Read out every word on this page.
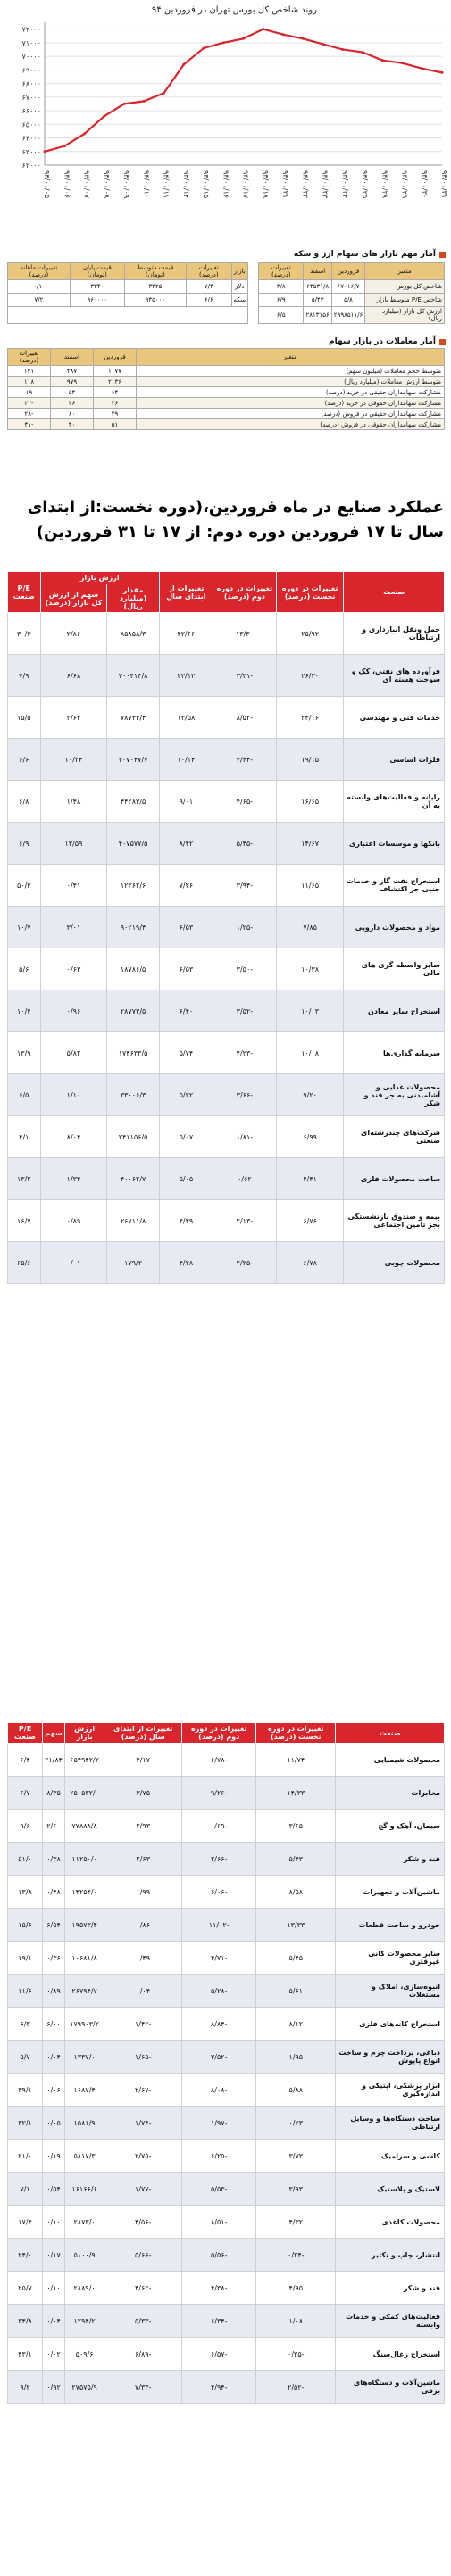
روند شاخص کل بورس تهران در فروردین ۹۴
۷۲۰۰۰
۷۱۰۰۰
۷۰۰۰۰
۶۹۰۰۰
۶۸۰۰۰
۶۷۰۰۰
۶۶۰۰۰
۶۵۰۰۰
۶۴۰۰۰
۶۳۰۰۰
۶۲۰۰۰
۹۴/۰۱/۰۵ ۹۴/۰۱/۰۶ ۹۴/۰۱/۰۷ ۹۴/۰۱/۰۸ ۹۴/۰۱/۰۹ ۹۴/۰۱/۱۰ ۹۴/۰۱/۱۱ ۹۴/۰۱/۱۴ ۹۴/۰۱/۱۵ ۹۴/۰۱/۱۶ ۹۴/۰۱/۱۷ ۹۴/۰۱/۱۸ ۹۴/۰۱/۲۱ ۹۴/۰۱/۲۲ ۹۴/۰۱/۲۳ ۹۴/۰۱/۲۴ ۹۴/۰۱/۲۵ ۹۴/۰۱/۲۸ ۹۴/۰۱/۲۹ ۹۴/۰۱/۳۰ ۹۴/۰۱/۳۱
آمار مهم بازار های سهام ارز و سکه
متغیر	فروردین	اسفند	تغییرات (درصد)		بازار	تغییرات (درصد)	قیمت متوسط (تومان)	قیمت پایان (تومان)	تغییرات ماهانه (درصد)
شاخص کل بورس	۶۷۰۱۶/۷	۶۴۵۳۱/۸	۳/۸		دلار	۷/۴	۳۳۲۵	۳۳۴۰	-۰/۱
شاخص P/E متوسط بازار	۵/۸	۵/۴۳	۶/۹		سکه	۶/۶	۹۴۵۰۰۰	۹۶۰۰۰۰	۷/۲
ارزش کل بازار (میلیارد ریال)	۲۹۹۸۵۱۱/۶	۲۸۱۳۱۵۶	۶/۵						
آمار معاملات در بازار سهام
متغیر	فروردین	اسفند	تغییرات (درصد)
متوسط حجم معاملات (میلیون سهم)	۱۰۷۷	۴۸۷	۱۲۱
متوسط ارزش معاملات (میلیارد ریال)	۲۱۳۶	۹۷۹	۱۱۸
مشارکت سهامداران حقیقی در خرید (درصد)	۶۴	۵۴	۱۹
مشارکت سهامداران حقوقی در خرید (درصد)	۳۶	۴۶	-۲۲
مشارکت سهامداران حقیقی در فروش (درصد)	۴۹	۶۰	-۲۸
مشارکت سهامداران حقوقی در فروش (درصد)	۵۱	۴۰	-۴۱
عملکرد صنایع در ماه فروردین،(دوره نخست:از ابتدای سال تا ۱۷ فروردین دوره دوم: از ۱۷ تا ۳۱ فروردین)
صنعت	تغییرات در دوره نخست (درصد)	تغییرات در دوره دوم (درصد)	تغییرات از ابتدای سال	ارزش بازار		P/E صنعت
				مقدار (میلیارد ریال)	سهم از ارزش کل بازار (درصد)	
حمل ونقل انبارداری و ارتباطات	۲۵/۹۲	۱۳/۳۰	۴۲/۶۶	۸۵۸۵۸/۳	۲/۸۶	۳۰/۳
فرآورده های نفتی، کک و سوخت هسته ای	۲۶/۳۰	-۳/۳۱	۲۲/۱۲	۲۰۰۴۱۴/۸	۶/۶۸	۷/۹
خدمات فنی و مهندسی	۲۴/۱۶	-۸/۵۲	۱۳/۵۸	۷۸۷۴۳/۴	۲/۶۳	۱۵/۵
فلزات اساسی	۱۹/۱۵	-۴/۴۴	۱۰/۱۴	۳۰۷۰۴۷/۷	۱۰/۲۴	۶/۶
رایانه و فعالیت‌های وابسته به آن	۱۶/۶۵	-۴/۶۵	۹/۰۱	۴۴۲۸۳/۵	۱/۴۸	۶/۸
بانکها و موسسات اعتباری	۱۴/۶۷	-۵/۴۵	۸/۴۲	۴۰۷۵۷۷/۵	۱۳/۵۹	۶/۹
استخراج نفت گاز و خدمات جنبی جز اکتشاف	۱۱/۶۵	-۳/۹۴	۷/۲۶	۱۲۳۶۲/۶	۰/۴۱	۵۰/۳
مواد و محصولات دارویی	۷/۸۵	-۱/۲۵	۶/۵۳	۹۰۲۱۹/۴	۳/۰۱	۱۰/۷
سایر واسطه گری های مالی	۱۰/۳۸	-۳/۵۰	۶/۵۳	۱۸۷۸۶/۵	۰/۶۳	۵/۶
استخراج سایر معادن	۱۰/۰۳	-۳/۵۲	۶/۴۰	۲۸۷۷۳/۵	۰/۹۶	۱۰/۴
سرمایه گذاری‌ها	۱۰/۰۸	-۴/۲۳	۵/۷۴	۱۷۴۶۳۳/۵	۵/۸۲	۱۳/۹
محصولات غذایی و آشامیدنی به جز قند و شکر	۹/۲۰	-۳/۶۶	۵/۲۲	۳۳۰۰۶/۳	۱/۱۰	۶/۵
شرکت‌های چندرشته‌ای صنعتی	۶/۹۹	-۱/۸۱	۵/۰۷	۲۴۱۱۵۶/۵	۸/۰۴	۴/۱
ساخت محصولات فلزی	۴/۴۱	۰/۶۲	۵/۰۵	۴۰۰۶۲/۷	۱/۳۴	۱۳/۲
بیمه و صندوق بازنشستگی بجز تامین اجتماعی	۶/۷۶	-۲/۱۳	۴/۴۹	۲۶۷۱۱/۸	۰/۸۹	۱۶/۷
محصولات چوبی	۶/۷۸	-۲/۳۵	۴/۲۸	۱۷۹/۲	۰/۰۱	۶۵/۶
صنعت	تغییرات در دوره نخست (درصد)	تغییرات در دوره دوم (درصد)	تغییرات از ابتدای سال (درصد)	ارزش بازار	سهم	P/E صنعت
محصولات شیمیایی	۱۱/۷۴	-۶/۷۸	۴/۱۷	۶۵۴۹۴۲/۲	۲۱/۸۴	۶/۴
مخابرات	۱۴/۳۳	-۹/۲۶	۳/۷۵	۲۵۰۵۳۲/۰	۸/۳۵	۶/۷
سیمان، آهک و گچ	۳/۶۵	-۰/۶۹	۲/۹۳	۷۷۸۸۸/۸	۲/۶۰	۹/۶
قند و شکر	۵/۴۳	-۲/۶۶	۲/۶۳	۱۱۲۵۰/۰	۰/۳۸	۵۱/۰
ماشین‌آلات و تجهیزات	۸/۵۸	-۶/۰۶	۱/۹۹	۱۴۲۵۴/۰	۰/۴۸	۱۳/۸
خودرو و ساخت قطعات	۱۳/۳۳	-۱۱/۰۲	۰/۸۶	۱۹۵۷۳/۴	۶/۵۴	۱۵/۶
سایر محصولات کانی غیرفلزی	۵/۴۵	-۴/۷۱	۰/۴۹	۱۰۶۸۱/۸	۰/۳۶	۱۹/۱
انبوه‌سازی، املاک و مستغلات	۵/۶۱	-۵/۲۸	۰/۰۴	۲۶۷۹۴/۷	۰/۸۹	۱۱/۶
استخراج کانه‌های فلزی	۸/۱۲	-۸/۸۴	-۱/۴۲	۱۷۹۹۰۳/۲	۶/۰۰	۶/۳
دباغی، پرداخت چرم و ساخت انواع پاپوش	۱/۹۵	-۳/۵۲	-۱/۶۵	۱۳۳۷/۰	۰/۰۴	۵/۷
ابزار پزشکی، اپتیکی و اندازه‌گیری	۵/۸۸	-۸/۰۸	-۲/۶۷	۱۶۸۷/۴	۰/۰۶	۳۹/۱
ساخت دستگاه‌ها و وسایل ارتباطی	۰/۲۳	-۱/۹۷	-۱/۷۴	۱۵۸۱/۹	۰/۰۵	۳۲/۱
کاشی و سرامیک	۳/۷۳	-۶/۲۵	-۲/۷۵	۵۸۱۷/۳	۰/۱۹	۲۱/۰
لاستیک و پلاستیک	۳/۹۳	-۵/۵۳	-۱/۷۷	۱۶۱۶۶/۶	۰/۵۴	۷/۱
محصولات کاغذی	۴/۳۲	-۸/۵۱	-۴/۵۶	۲۸۷۳/۰	۰/۱۰	۱۷/۴
انتشار، چاپ و تکثیر	-۰/۲۴	-۵/۵۶	-۵/۶۶	۵۱۰۰/۹	۰/۱۷	۲۴/۰
قند و شکر	۴/۹۵	-۴/۳۸	-۴/۶۲	۲۸۸۹/۰	۰/۱۰	۲۵/۷
فعالیت‌های کمکی و خدمات وابسته	۱/۰۸	-۶/۳۴	-۵/۳۳	۱۲۹۴/۲	۰/۰۴	۳۴/۸
استخراج زغال‌سنگ	-۰/۳۵	-۶/۵۷	-۶/۸۹	۵۰۹/۶	۰/۰۲	۴۳/۱
ماشین‌آلات و دستگاه‌های برقی	-۲/۵۲	-۴/۹۴	-۷/۳۳	۲۷۵۷۵/۹	۰/۹۲	۹/۲
